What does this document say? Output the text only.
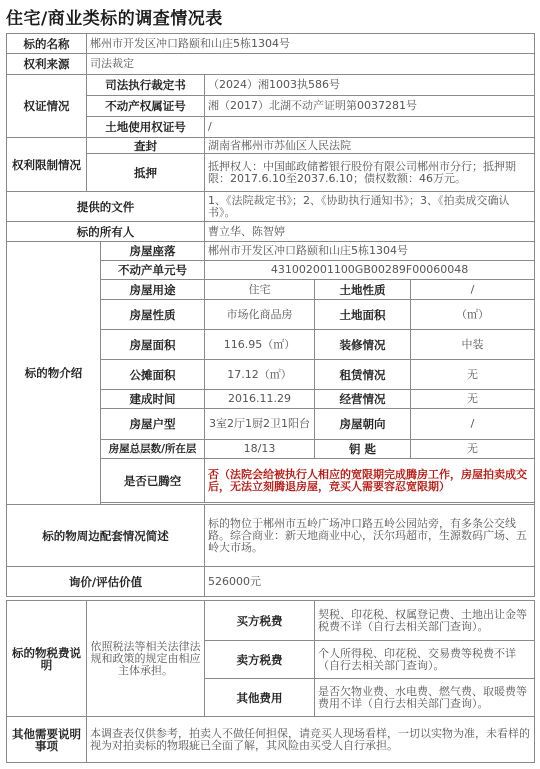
住宅/商业类标的调查情况表
标的名称	郴州市开发区冲口路颐和山庄5栋1304号				
权利来源	司法裁定				
权证情况	司法执行裁定书		（2024）湘1003执586号		
	不动产权属证号		湘（2017）北湖不动产证明第0037281号		
	土地使用权证号		/		
权利限制情况	查封		湖南省郴州市苏仙区人民法院		
	抵押		抵押权人：中国邮政储蓄银行股份有限公司郴州市分行；抵押期限：2017.6.10至2037.6.10；债权数额：46万元。		
提供的文件			1、《法院裁定书》；2、《协助执行通知书》；3、《拍卖成交确认书》。		
标的所有人			曹立华、陈智婷		
标的物介绍		房屋座落	郴州市开发区冲口路颐和山庄5栋1304号		
		不动产单元号	431002001100GB00289F00060048		
		房屋用途	住宅	土地性质	/
		房屋性质	市场化商品房	土地面积	（㎡）
		房屋面积	116.95（㎡）	装修情况	中装
		公摊面积	17.12（㎡）	租赁情况	无
		建成时间	2016.11.29	经营情况	无
		房屋户型	3室2厅1厨2卫1阳台	房屋朝向	/
		房屋总层数/所在层	18/13	钥 匙	无
		是否已腾空	否（法院会给被执行人相应的宽限期完成腾房工作，房屋拍卖成交后，无法立刻腾退房屋，竞买人需要容忍宽限期）		

标的物周边配套情况简述			标的物位于郴州市五岭广场冲口路五岭公园站旁，有多条公交线路。综合商业：新天地商业中心，沃尔玛超市，生源数码广场、五岭大市场。		
询价/评估价值			526000元		

标的物税费说明	依照税法等相关法律法规和政策的规定由相应主体承担。		买方税费	契税、印花税、权属登记费、土地出让金等税费不详（自行去相关部门查询）。	
			卖方税费	个人所得税、印花税、交易费等税费不详（自行去相关部门查询）。	
			其他费用	是否欠物业费、水电费、燃气费、取暖费等费用不详（自行去相关部门查询）。	
其他需要说明事项	本调查表仅供参考，拍卖人不做任何担保，请竞买人现场看样，一切以实物为准，未看样的视为对拍卖标的物瑕疵已全面了解，其风险由买受人自行承担。				
